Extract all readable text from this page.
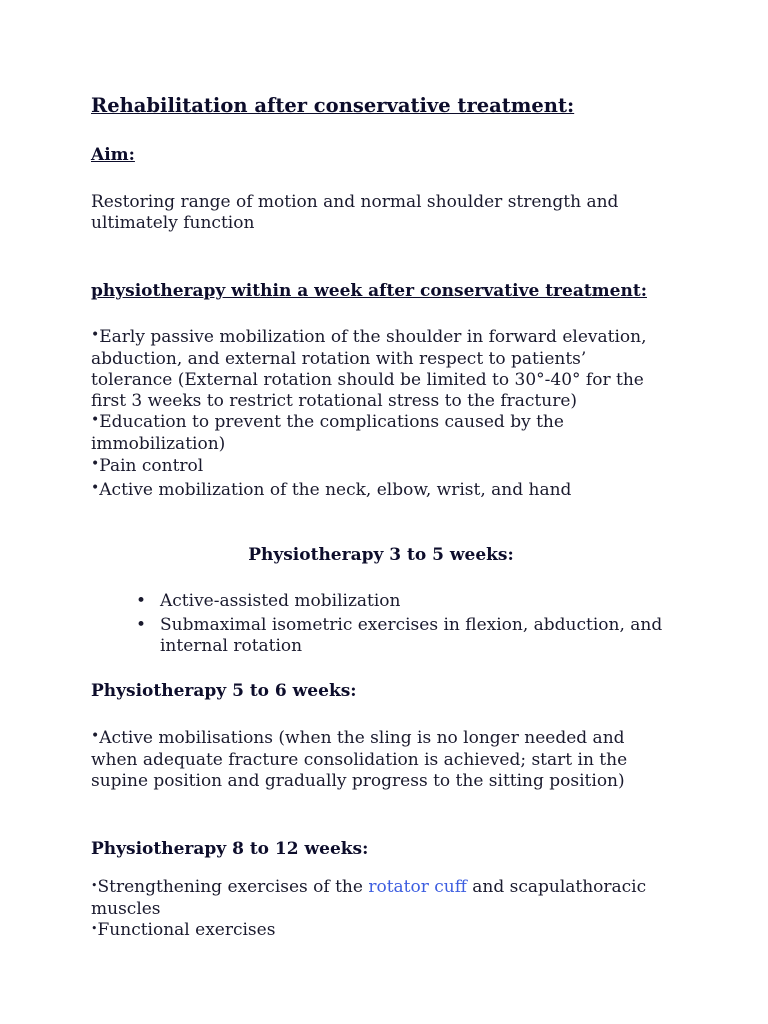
Rehabilitation after conservative treatment:
Aim:
Restoring range of motion and normal shoulder strength and ultimately function
physiotherapy within a week after conservative treatment:
•Early passive mobilization of the shoulder in forward elevation, abduction, and external rotation with respect to patients’ tolerance (External rotation should be limited to 30°-40° for the first 3 weeks to restrict rotational stress to the fracture)
•Education to prevent the complications caused by the immobilization)
•Pain control
•Active mobilization of the neck, elbow, wrist, and hand
Physiotherapy 3 to 5 weeks:
• Active-assisted mobilization
• Submaximal isometric exercises in flexion, abduction, and internal rotation
Physiotherapy 5 to 6 weeks:
•Active mobilisations (when the sling is no longer needed and when adequate fracture consolidation is achieved; start in the supine position and gradually progress to the sitting position)
Physiotherapy 8 to 12 weeks:
•Strengthening exercises of the rotator cuff and scapulathoracic muscles
•Functional exercises
